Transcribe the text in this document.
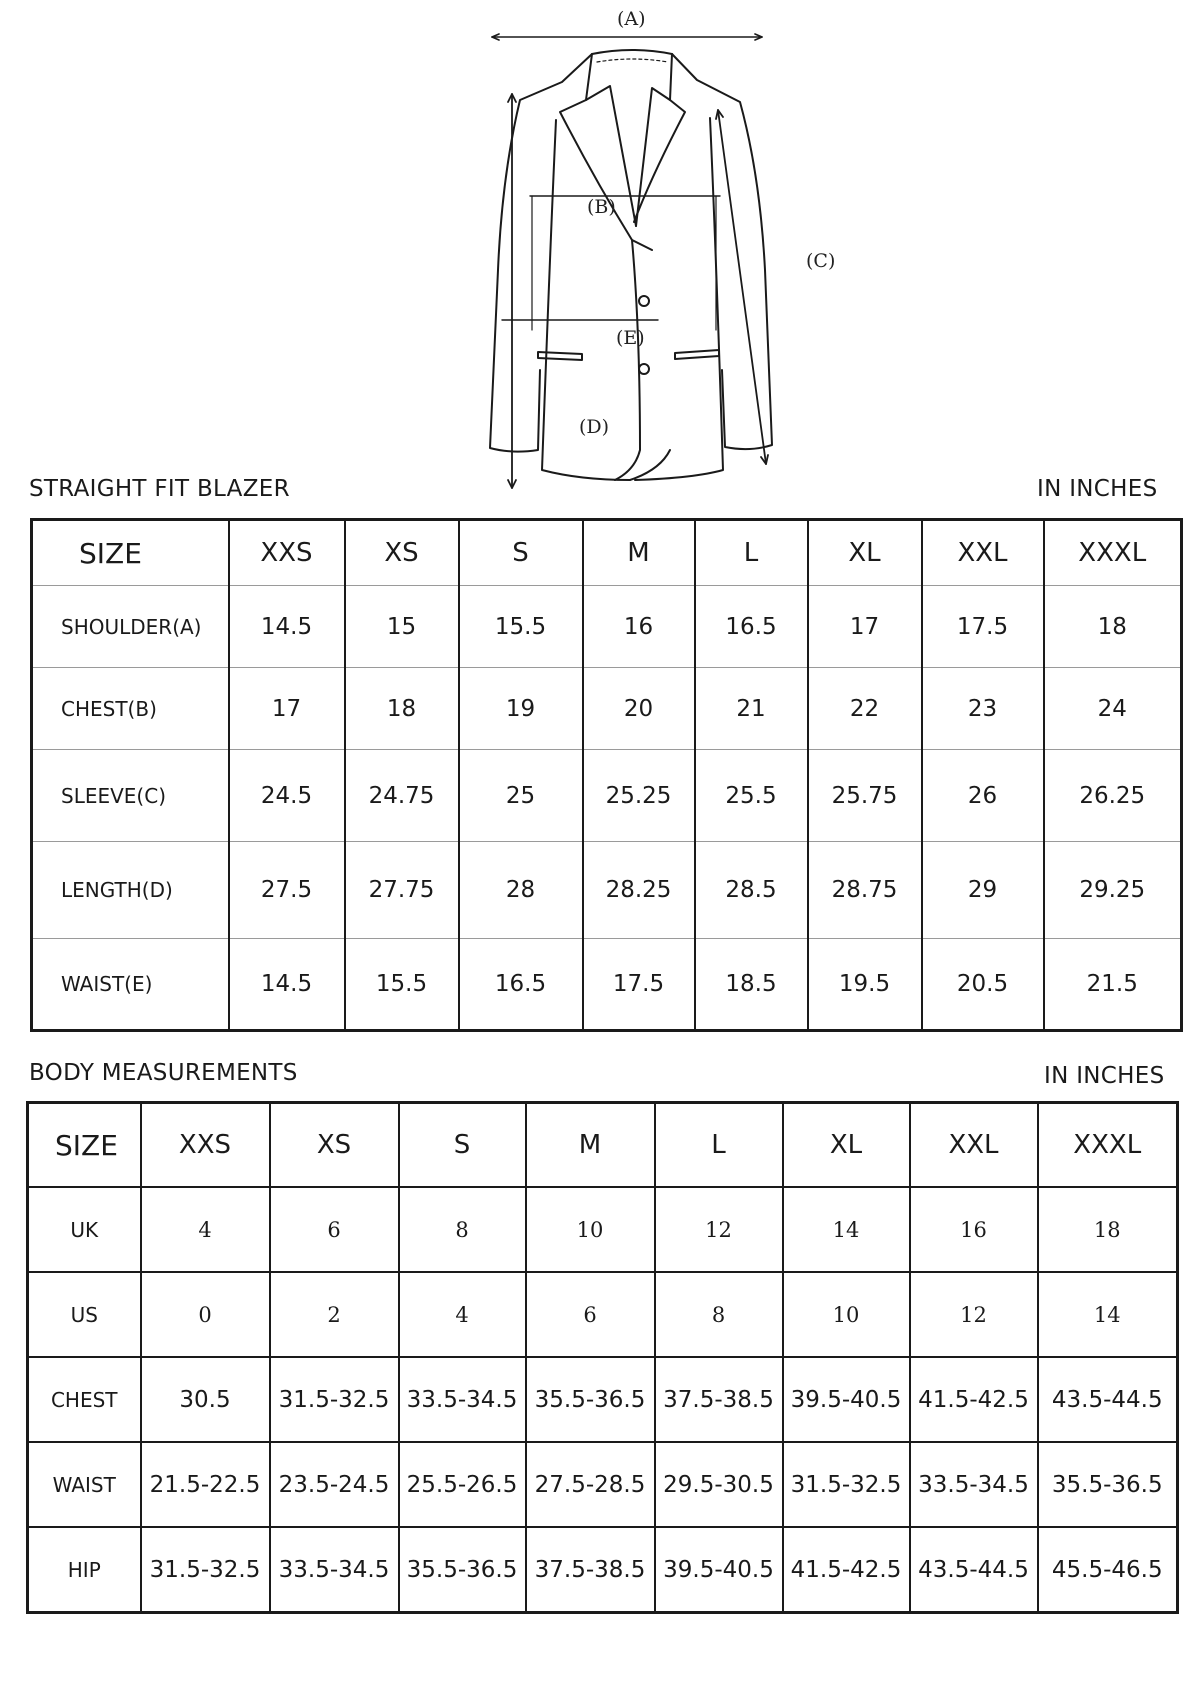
(A)
(B)
(C)
(D)
(E)
STRAIGHT FIT BLAZER	IN INCHES
SIZE	XXS	XS	S	M	L	XL	XXL	XXXL
SHOULDER(A)	14.5	15	15.5	16	16.5	17	17.5	18
CHEST(B)	17	18	19	20	21	22	23	24
SLEEVE(C)	24.5	24.75	25	25.25	25.5	25.75	26	26.25
LENGTH(D)	27.5	27.75	28	28.25	28.5	28.75	29	29.25
WAIST(E)	14.5	15.5	16.5	17.5	18.5	19.5	20.5	21.5
BODY MEASUREMENTS	IN INCHES
SIZE	XXS	XS	S	M	L	XL	XXL	XXXL
UK	4	6	8	10	12	14	16	18
US	0	2	4	6	8	10	12	14
CHEST	30.5	31.5-32.5	33.5-34.5	35.5-36.5	37.5-38.5	39.5-40.5	41.5-42.5	43.5-44.5
WAIST	21.5-22.5	23.5-24.5	25.5-26.5	27.5-28.5	29.5-30.5	31.5-32.5	33.5-34.5	35.5-36.5
HIP	31.5-32.5	33.5-34.5	35.5-36.5	37.5-38.5	39.5-40.5	41.5-42.5	43.5-44.5	45.5-46.5
